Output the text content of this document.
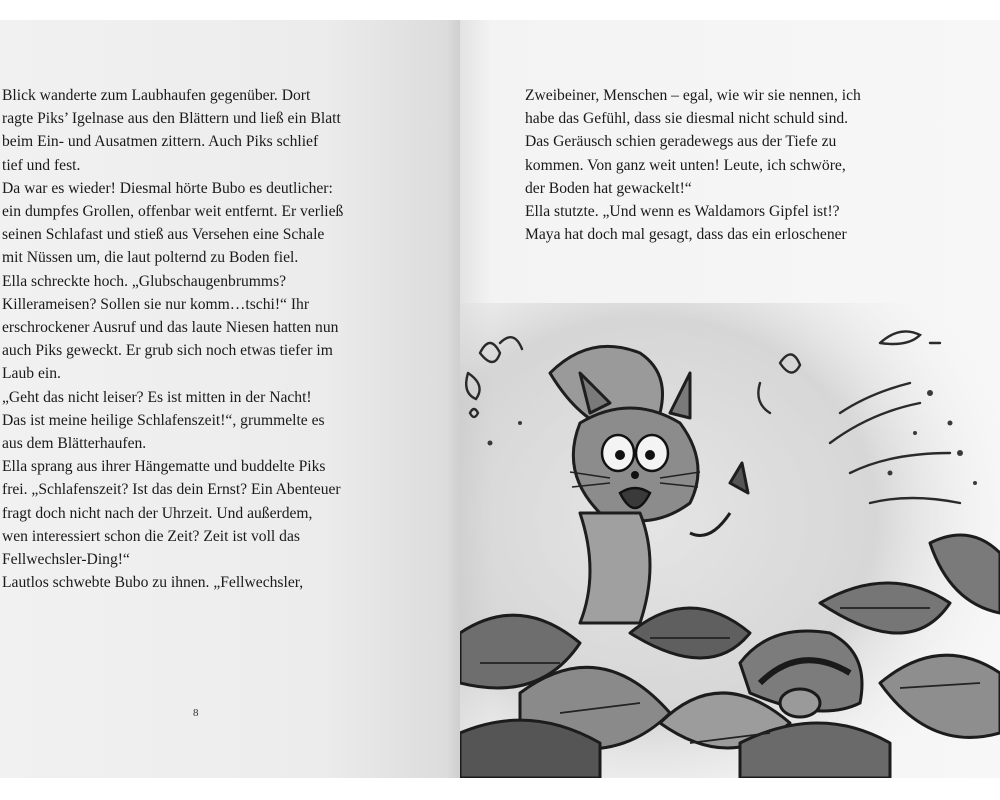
Blick wanderte zum Laubhaufen gegenüber. Dort

ragte Piks’ Igelnase aus den Blättern und ließ ein Blatt

beim Ein- und Ausatmen zittern. Auch Piks schlief

tief und fest.

Da war es wieder! Diesmal hörte Bubo es deutlicher:

ein dumpfes Grollen, offenbar weit entfernt. Er verließ

seinen Schlafast und stieß aus Versehen eine Schale

mit Nüssen um, die laut polternd zu Boden fiel.

Ella schreckte hoch. „Glubschaugenbrumms?

Killerameisen? Sollen sie nur komm…tschi!“ Ihr

erschrockener Ausruf und das laute Niesen hatten nun

auch Piks geweckt. Er grub sich noch etwas tiefer im

Laub ein.

„Geht das nicht leiser? Es ist mitten in der Nacht!

Das ist meine heilige Schlafenszeit!“, grummelte es

aus dem Blätterhaufen.

Ella sprang aus ihrer Hängematte und buddelte Piks

frei. „Schlafenszeit? Ist das dein Ernst? Ein Abenteuer

fragt doch nicht nach der Uhrzeit. Und außerdem,

wen interessiert schon die Zeit? Zeit ist voll das

Fellwechsler-Ding!“

Lautlos schwebte Bubo zu ihnen. „Fellwechsler,

8

Zweibeiner, Menschen – egal, wie wir sie nennen, ich

habe das Gefühl, dass sie diesmal nicht schuld sind.

Das Geräusch schien geradewegs aus der Tiefe zu

kommen. Von ganz weit unten! Leute, ich schwöre,

der Boden hat gewackelt!“

Ella stutzte. „Und wenn es Waldamors Gipfel ist!?

Maya hat doch mal gesagt, dass das ein erloschener
